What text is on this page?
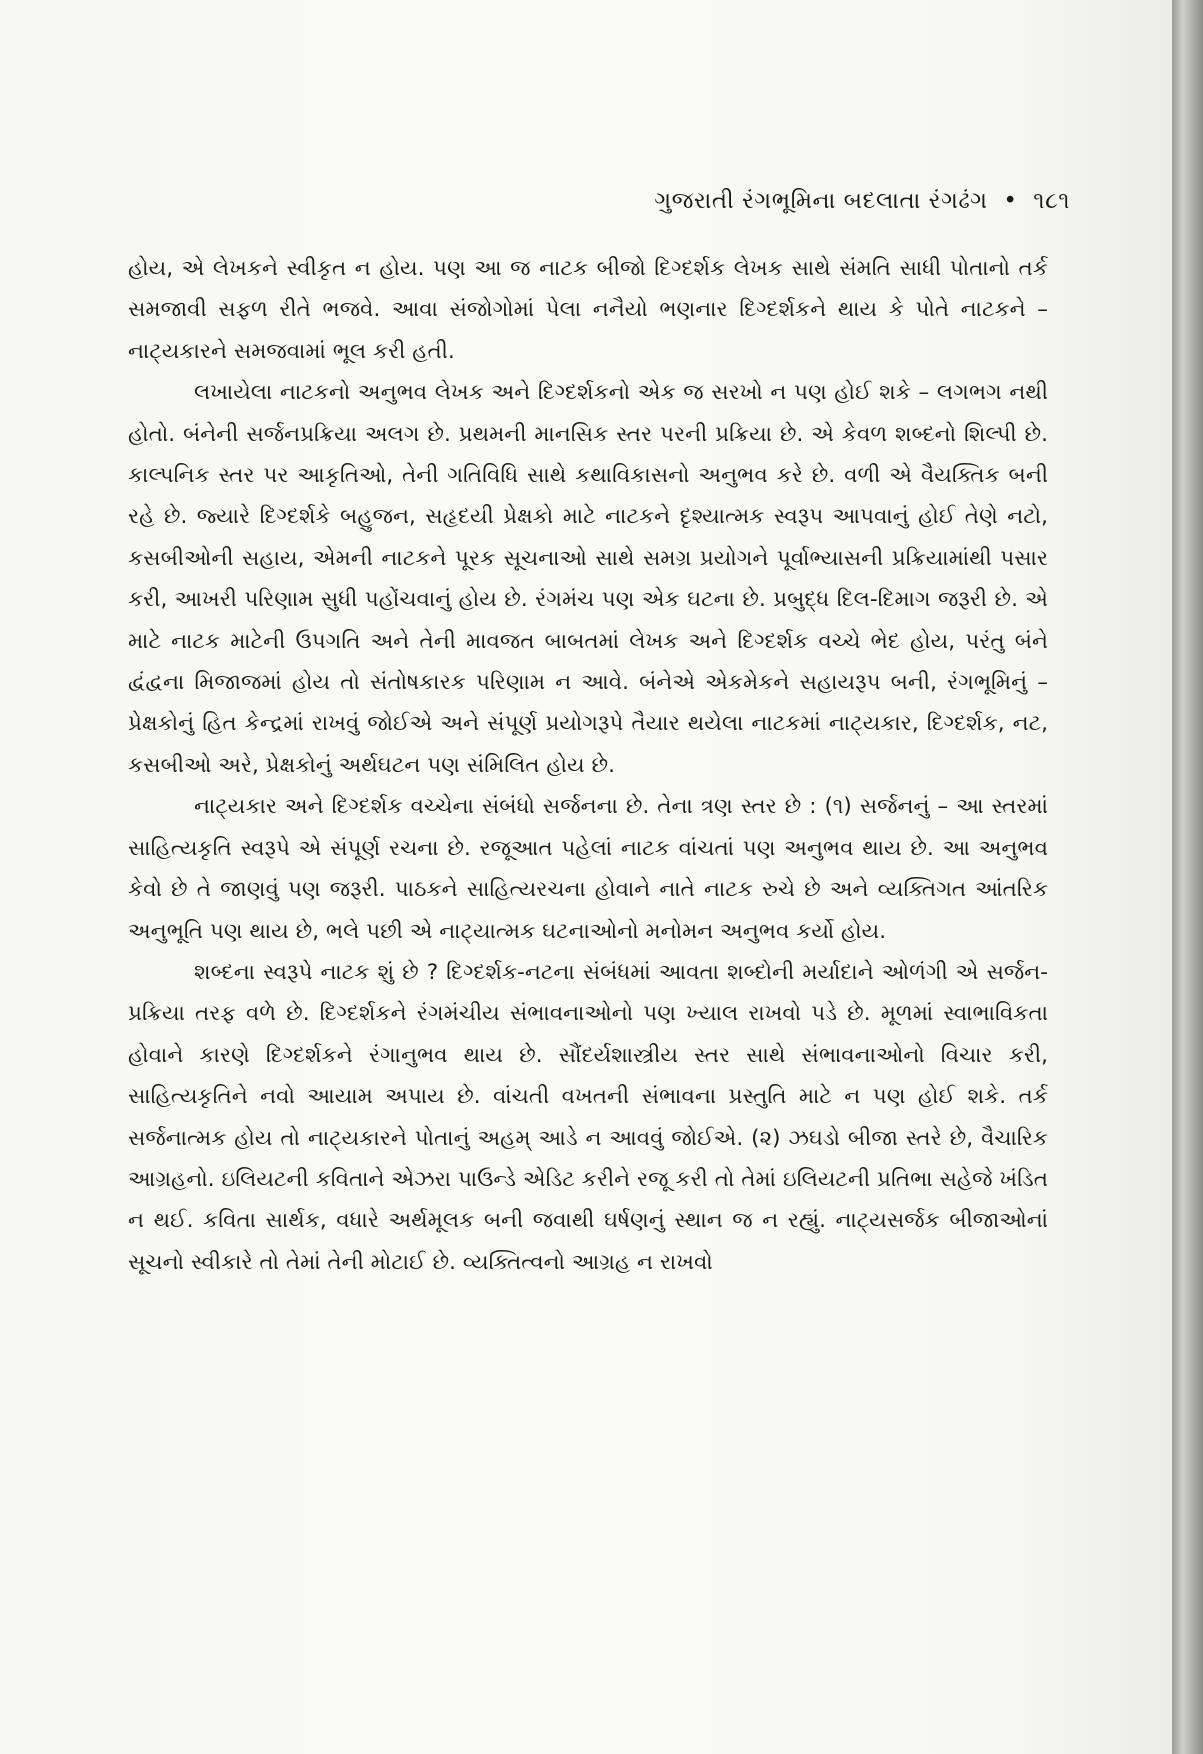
ગુજરાતી રંગભૂમિના બદલાતા રંગઢંગ • ૧૮૧

હોય, એ લેખકને સ્વીકૃત ન હોય. પણ આ જ નાટક બીજો દિગ્દર્શક લેખક સાથે સંમતિ સાધી પોતાનો તર્ક સમજાવી સફળ રીતે ભજવે. આવા સંજોગોમાં પેલા નનૈયો ભણનાર દિગ્દર્શકને થાય કે પોતે નાટકને – નાટ્યકારને સમજવામાં ભૂલ કરી હતી.

લખાયેલા નાટકનો અનુભવ લેખક અને દિગ્દર્શકનો એક જ સરખો ન પણ હોઈ શકે – લગભગ નથી હોતો. બંનેની સર્જનપ્રક્રિયા અલગ છે. પ્રથમની માનસિક સ્તર પરની પ્રક્રિયા છે. એ કેવળ શબ્દનો શિલ્પી છે. કાલ્પનિક સ્તર પર આકૃતિઓ, તેની ગતિવિધિ સાથે કથાવિકાસનો અનુભવ કરે છે. વળી એ વૈયક્તિક બની રહે છે. જ્યારે દિગ્દર્શકે બહુજન, સહૃદયી પ્રેક્ષકો માટે નાટકને દૃશ્યાત્મક સ્વરૂપ આપવાનું હોઈ તેણે નટો, કસબીઓની સહાય, એમની નાટકને પૂરક સૂચનાઓ સાથે સમગ્ર પ્રયોગને પૂર્વાભ્યાસની પ્રક્રિયામાંથી પસાર કરી, આખરી પરિણામ સુધી પહોંચવાનું હોય છે. રંગમંચ પણ એક ઘટના છે. પ્રબુદ્ધ દિલ-દિમાગ જરૂરી છે. એ માટે નાટક માટેની ઉપગતિ અને તેની માવજત બાબતમાં લેખક અને દિગ્દર્શક વચ્ચે ભેદ હોય, પરંતુ બંને દ્વંદ્વના મિજાજમાં હોય તો સંતોષકારક પરિણામ ન આવે. બંનેએ એકમેકને સહાયરૂપ બની, રંગભૂમિનું – પ્રેક્ષકોનું હિત કેન્દ્રમાં રાખવું જોઈએ અને સંપૂર્ણ પ્રયોગરૂપે તૈયાર થયેલા નાટકમાં નાટ્યકાર, દિગ્દર્શક, નટ, કસબીઓ અરે, પ્રેક્ષકોનું અર્થઘટન પણ સંમિલિત હોય છે.

નાટ્યકાર અને દિગ્દર્શક વચ્ચેના સંબંધો સર્જનના છે. તેના ત્રણ સ્તર છે : (૧) સર્જનનું – આ સ્તરમાં સાહિત્યકૃતિ સ્વરૂપે એ સંપૂર્ણ રચના છે. રજૂઆત પહેલાં નાટક વાંચતાં પણ અનુભવ થાય છે. આ અનુભવ કેવો છે તે જાણવું પણ જરૂરી. પાઠકને સાહિત્યરચના હોવાને નાતે નાટક રુચે છે અને વ્યક્તિગત આંતરિક અનુભૂતિ પણ થાય છે, ભલે પછી એ નાટ્યાત્મક ઘટનાઓનો મનોમન અનુભવ કર્યો હોય.

શબ્દના સ્વરૂપે નાટક શું છે ? દિગ્દર્શક-નટના સંબંધમાં આવતા શબ્દોની મર્યાદાને ઓળંગી એ સર્જન-પ્રક્રિયા તરફ વળે છે. દિગ્દર્શકને રંગમંચીય સંભાવનાઓનો પણ ખ્યાલ રાખવો પડે છે. મૂળમાં સ્વાભાવિકતા હોવાને કારણે દિગ્દર્શકને રંગાનુભવ થાય છે. સૌંદર્યશાસ્ત્રીય સ્તર સાથે સંભાવનાઓનો વિચાર કરી, સાહિત્યકૃતિને નવો આયામ અપાય છે. વાંચતી વખતની સંભાવના પ્રસ્તુતિ માટે ન પણ હોઈ શકે. તર્ક સર્જનાત્મક હોય તો નાટ્યકારને પોતાનું અહમ્ આડે ન આવવું જોઈએ. (૨) ઝઘડો બીજા સ્તરે છે, વૈચારિક આગ્રહનો. ઇલિયટની કવિતાને એઝરા પાઉન્ડે એડિટ કરીને રજૂ કરી તો તેમાં ઇલિયટની પ્રતિભા સહેજે ખંડિત ન થઈ. કવિતા સાર્થક, વધારે અર્થમૂલક બની જવાથી ઘર્ષણનું સ્થાન જ ન રહ્યું. નાટ્યસર્જક બીજાઓનાં સૂચનો સ્વીકારે તો તેમાં તેની મોટાઈ છે. વ્યક્તિત્વનો આગ્રહ ન રાખવો
